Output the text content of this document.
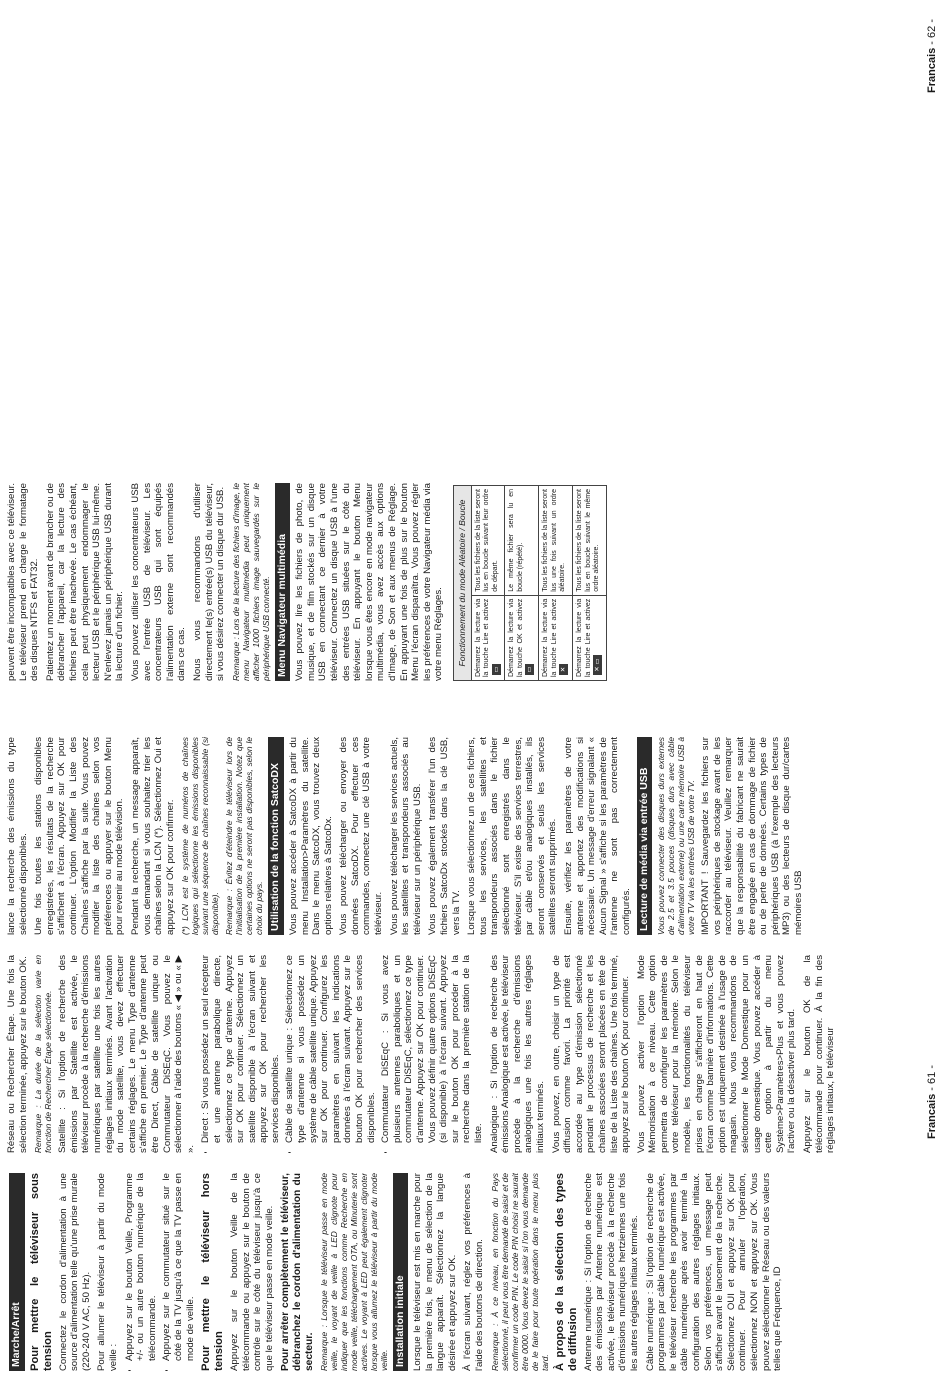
Marche/Arrêt Pour mettre le téléviseur sous tension Connectez le cordon d'alimentation à une source d'alimentation telle qu'une prise murale (220-240 V AC, 50 Hz). Pour allumer le téléviseur à partir du mode veille : • Appuyez sur le bouton Veille, Programme +/- ou un autre bouton numérique de la télécommande. • Appuyez sur le commutateur situé sur le côté de la TV jusqu'à ce que la TV passe en mode de veille. Pour mettre le téléviseur hors tension Appuyez sur le bouton Veille de la télécommande ou appuyez sur le bouton de contrôle sur le côté du téléviseur jusqu'à ce que le téléviseur passe en mode veille. Pour arrêter complètement le téléviseur, débranchez le cordon d'alimentation du secteur. Remarque : Lorsque le téléviseur passe en mode veille, le voyant de veille à LED clignote pour indiquer que les fonctions comme Recherche en mode veille, téléchargement OTA, ou Minuterie sont actives. Le voyant à LED peut également clignoter lorsque vous allumez le téléviseur à partir du mode veille. Installation initiale Lorsque le téléviseur est mis en marche pour la première fois, le menu de sélection de la langue apparaît. Sélectionnez la langue désirée et appuyez sur OK. À l'écran suivant, réglez vos préférences à l'aide des boutons de direction. Remarque : À ce niveau, en fonction du Pays sélectionné, il peut vous être demandé de saisir et de confirmer un code PIN. Le code PIN choisi ne saurait être 0000. Vous devez le saisir si l'on vous demande de le faire pour toute opération dans le menu plus tard. À propos de la sélection des types de diffusion Antenne numérique : Si l'option de recherche des émissions par Antenne numérique est activée, le téléviseur procède à la recherche d'émissions numériques hertziennes une fois les autres réglages initiaux terminés. Câble numérique : Si l'option de recherche de programmes par câble numérique est activée, le téléviseur recherche les programmes par câble numérique après avoir terminé la configuration des autres réglages initiaux. Selon vos préférences, un message peut s'afficher avant le lancement de la recherche. Sélectionnez OUI et appuyez sur OK pour continuer. Pour annuler l'opération, sélectionnez NON et appuyez sur OK. Vous pouvez sélectionner le Réseau ou des valeurs telles que Fréquence, ID

Réseau ou Rechercher Étape. Une fois la sélection terminée, appuyez sur le bouton OK. Remarque : La durée de la sélection varie en fonction de Rechercher Étape sélectionnée. Satellite : Si l'option de recherche des émissions par Satellite est activée, le téléviseur procède à la recherche d'émissions numériques par satellite une fois les autres réglages initiaux terminés. Avant l'activation du mode satellite, vous devez effectuer certains réglages. Le menu Type d'antenne s'affiche en premier. Le Type d'antenne peut être Direct, Câble de satellite unique ou Commutateur DiSEqC. Vous pouvez le sélectionner à l'aide des boutons « ◀ » ou « ▶ ».

• Direct : Si vous possédez un seul récepteur et une antenne parabolique directe, sélectionnez ce type d'antenne. Appuyez sur OK pour continuer. Sélectionnez un satellite disponible à l'écran suivant et appuyez sur OK pour rechercher les services disponibles. • Câble de satellite unique : Sélectionnez ce type d'antenne si vous possédez un système de câble satellite unique. Appuyez sur OK pour continuer. Configurez les paramètres en suivant les indications données à l'écran suivant. Appuyez sur le bouton OK pour rechercher des services disponibles. • Commutateur DiSEqC : Si vous avez plusieurs antennes paraboliques et un commutateur DiSEqC, sélectionnez ce type d'antenne. Appuyez sur OK pour continuer. Vous pouvez définir quatre options DiSEqC (si disponible) à l'écran suivant. Appuyez sur le bouton OK pour procéder à la recherche dans la première station de la liste. Analogique : Si l'option de recherche des émissions Analogique est activée, le téléviseur procède à la recherche d'émissions analogiques une fois les autres réglages initiaux terminés. Vous pouvez, en outre, choisir un type de diffusion comme favori. La priorité est accordée au type d'émission sélectionné pendant le processus de recherche et les chaînes associées seront placées en tête de liste de la Liste des chaînes. Une fois terminé, appuyez sur le bouton OK pour continuer. Vous pouvez activer l'option Mode Mémorisation à ce niveau. Cette option permettra de configurer les paramètres de votre téléviseur pour la mémoire. Selon le modèle, les fonctionnalités du téléviseur prises en charge s'afficheront en haut de l'écran comme bannière d'informations. Cette option est uniquement destinée à l'usage de magasin. Nous vous recommandons de sélectionner le Mode Domestique pour un usage domestique. Vous pouvez accéder à cette option à partir du menu Système>Paramètres>Plus et vous pouvez l'activer ou la désactiver plus tard. Appuyez sur le bouton OK de la télécommande pour continuer. À la fin des réglages initiaux, le téléviseur

lance la recherche des émissions du type sélectionné disponibles. Une fois toutes les stations disponibles enregistrées, les résultats de la recherche s'affichent à l'écran. Appuyez sur OK pour continuer. L'option Modifier la Liste des Chaînes s'affiche par la suite. Vous pouvez modifier la liste des chaînes selon vos préférences ou appuyer sur le bouton Menu pour revenir au mode télévision. Pendant la recherche, un message apparaît, vous demandant si vous souhaitez trier les chaînes selon la LCN (*). Sélectionnez Oui et appuyez sur OK pour confirmer. (*) LCN est le système de numéros de chaînes logiques qui sélectionne les émissions disponibles suivant une séquence de chaînes reconnaissable (si disponible). Remarque : Évitez d'éteindre le téléviseur lors de l'initialisation de la première installation. Notez que certaines options ne seront pas disponibles, selon le choix du pays. Utilisation de la fonction SatcoDX Vous pouvez accéder à SatcoDX à partir du menu Installation>Paramètres du satellite. Dans le menu SatcoDX, vous trouvez deux options relatives à SatcoDx. Vous pouvez télécharger ou envoyer des données SatcoDX. Pour effectuer ces commandes, connectez une clé USB à votre téléviseur. Vous pouvez télécharger les services actuels, les satellites et transpondeurs associés au téléviseur sur un périphérique USB. Vous pouvez également transférer l'un des fichiers SatcoDx stockés dans la clé USB, vers la TV. Lorsque vous sélectionnez un de ces fichiers, tous les services, les satellites et transpondeurs associés dans le fichier sélectionné sont enregistrés dans le téléviseur. S'il existe des services terrestres, par câble et/ou analogiques installés, ils seront conservés et seuls les services satellites seront supprimés. Ensuite, vérifiez les paramètres de votre antenne et apportez des modifications si nécessaire. Un message d'erreur signalant « Aucun Signal » s'affiche si les paramètres de l'antenne ne sont pas correctement configurés. Lecture de média via entrée USB Vous pouvez connecter des disques durs externes de 2.5 et 3.5 pouces (disques durs avec câble d'alimentation externe) ou une carte mémoire USB à votre TV via les entrées USB de votre TV. IMPORTANT ! Sauvegardez les fichiers sur vos périphériques de stockage avant de les raccorder au téléviseur. Veuillez remarquer que la responsabilité du fabricant ne saurait être engagée en cas de dommage de fichier ou de perte de données. Certains types de périphériques USB (à l'exemple des lecteurs MP3) ou des lecteurs de disque dur/cartes mémoires USB

Francais - 61 -

peuvent être incompatibles avec ce téléviseur. Le téléviseur prend en charge le formatage des disques NTFS et FAT32. Patientez un moment avant de brancher ou de débrancher l'appareil, car la lecture des fichiers peut être inachevée. Le cas échéant, cela peut physiquement endommager le lecteur USB et le périphérique USB lui-même. N'enlevez jamais un périphérique USB durant la lecture d'un fichier. Vous pouvez utiliser les concentrateurs USB avec l'entrée USB de téléviseur. Les concentrateurs USB qui sont équipés l'alimentation externe sont recommandés dans ce cas. Nous vous recommandons d'utiliser directement le(s) entrée(s) USB du téléviseur, si vous désirez connecter un disque dur USB. Remarque : Lors de la lecture des fichiers d'image, le menu Navigateur multimédia peut uniquement afficher 1000 fichiers image sauvegardés sur le périphérique USB connecté. Menu Navigateur multimédia Vous pouvez lire les fichiers de photo, de musique, et de film stockés sur un disque USB en connectant ce dernier à votre téléviseur. Connectez un disque USB à l'une des entrées USB situées sur le côté du téléviseur. En appuyant le bouton Menu lorsque vous êtes encore en mode navigateur multimédia, vous avez accès aux options d'Image, de Son et aux menus de Réglage. En appuyant une fois de plus sur le bouton Menu l'écran disparaîtra. Vous pouvez régler les préférences de votre Navigateur média via votre menu Réglages. Fonctionnement du mode Aléatoire / Boucle	
Démarrez la lecture via la touche Lire et activez ▭	Tous les fichiers de la liste seront lus en boucle suivant leur ordre de départ.
Démarrez la lecture via la touche OK et activez ▭	Le même fichier sera lu en boucle (répété).
Démarrez la lecture via la touche Lire et activez ✕	Tous les fichiers de la liste seront lus une fois suivant un ordre aléatoire.
Démarrez la lecture via la touche Lire et activez ✕ ▭	Tous les fichiers de la liste seront lus en boucle suivant le même ordre aléatoire.
Francais - 62 -
